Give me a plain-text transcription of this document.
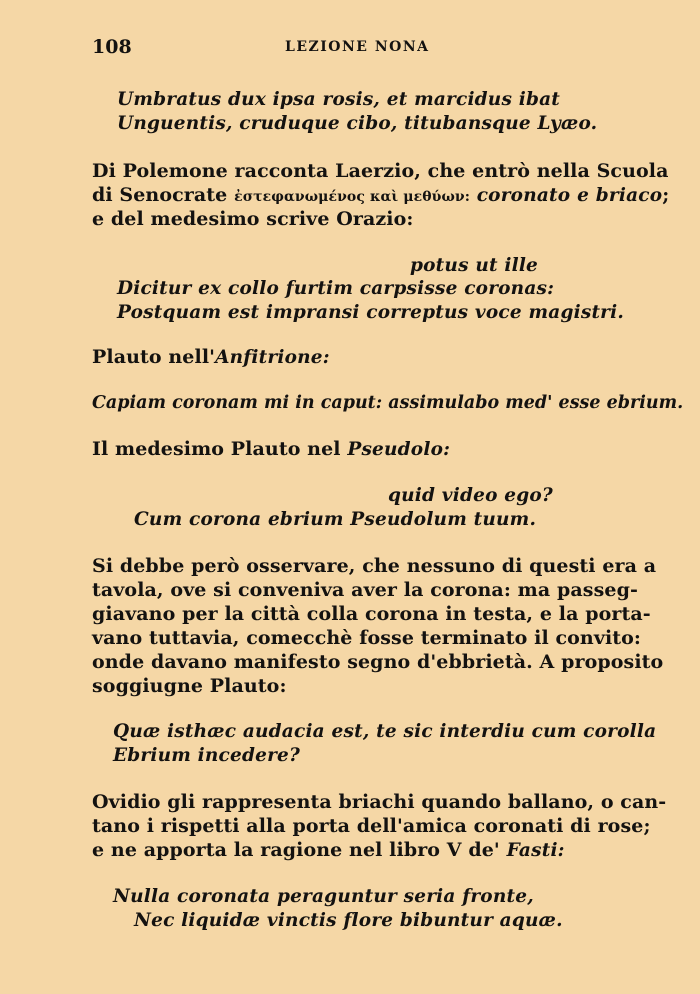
108	LEZIONE NONA
Umbratus dux ipsa rosis, et marcidus ibat
Unguentis, cruduque cibo, titubansque Lyæo.
Di Polemone racconta Laerzio, che entrò nella Scuola
di Senocrate ἐστεφανωμένος καὶ μεθύων: coronato e briaco;
e del medesimo scrive Orazio:
potus ut ille
Dicitur ex collo furtim carpsisse coronas:
Postquam est impransi correptus voce magistri.
Plauto nell'Anfitrione:
Capiam coronam mi in caput: assimulabo med' esse ebrium.
Il medesimo Plauto nel Pseudolo:
quid video ego?
Cum corona ebrium Pseudolum tuum.
Si debbe però osservare, che nessuno di questi era a
tavola, ove si conveniva aver la corona: ma passeg-
giavano per la città colla corona in testa, e la porta-
vano tuttavia, comecchè fosse terminato il convito:
onde davano manifesto segno d'ebbrietà. A proposito
soggiugne Plauto:
Quæ isthæc audacia est, te sic interdiu cum corolla
Ebrium incedere?
Ovidio gli rappresenta briachi quando ballano, o can-
tano i rispetti alla porta dell'amica coronati di rose;
e ne apporta la ragione nel libro V de' Fasti:
Nulla coronata peraguntur seria fronte,
Nec liquidæ vinctis flore bibuntur aquæ.
